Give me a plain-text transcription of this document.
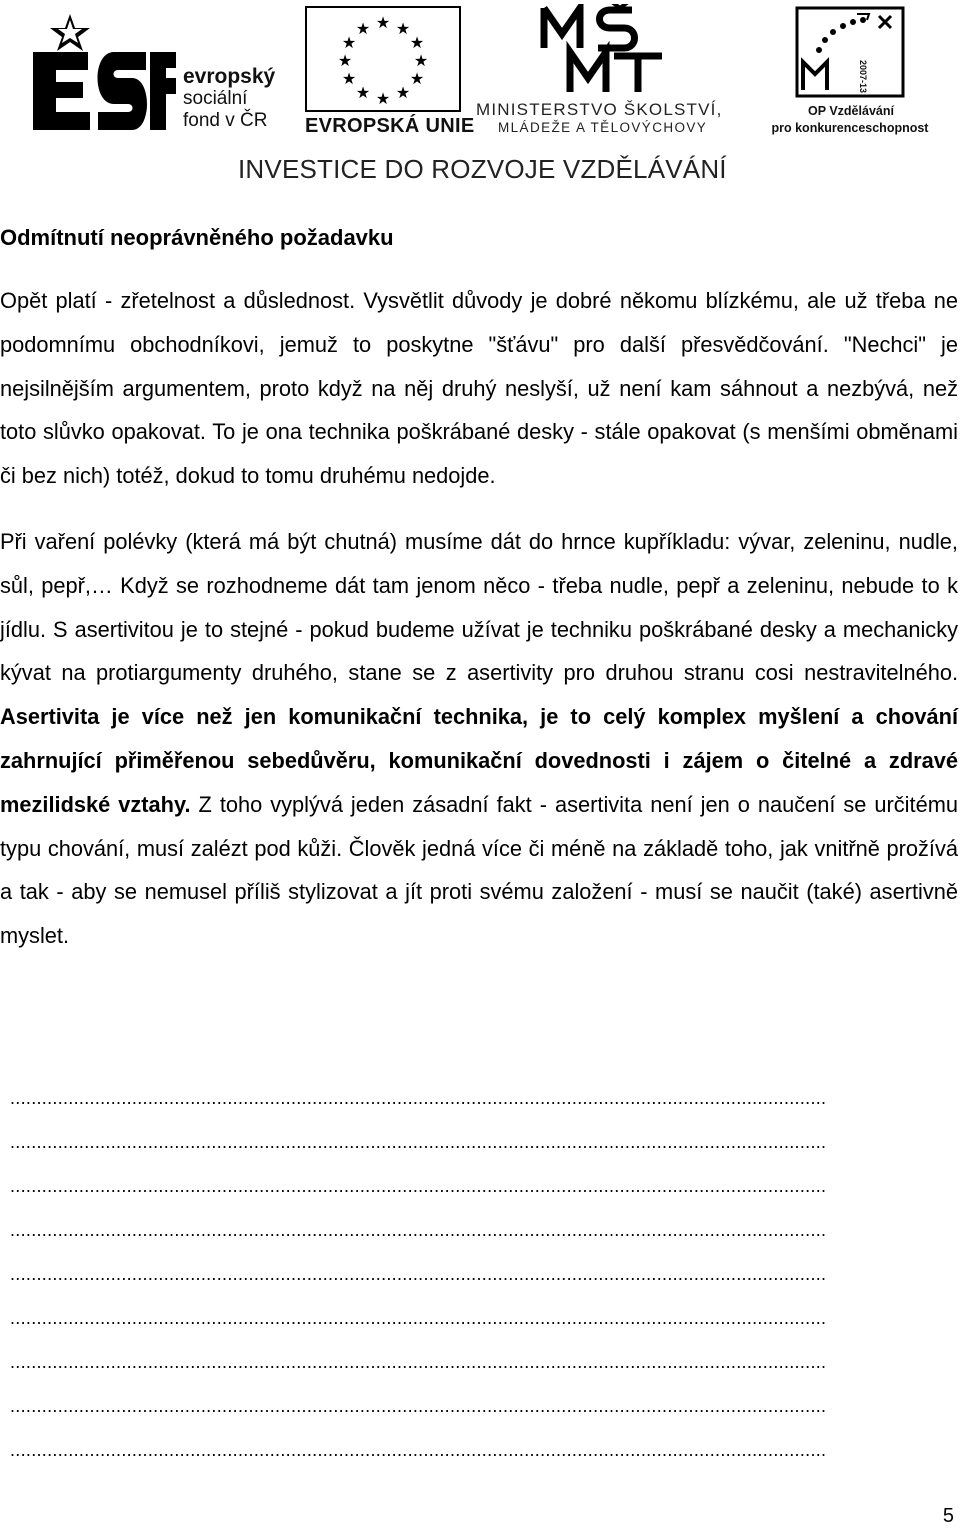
evropský
sociální
fond v ČR
★ ★
★
★
★
★
★
★
★
★
★
★
EVROPSKÁ UNIE
MINISTERSTVO ŠKOLSTVÍ,
MLÁDEŽE A TĚLOVÝCHOVY
2007-13
OP Vzdělávání
pro konkurenceschopnost
INVESTICE DO ROZVOJE VZDĚLÁVÁNÍ
Odmítnutí neoprávněného požadavku

Opět platí - zřetelnost a důslednost. Vysvětlit důvody je dobré někomu blízkému, ale už třeba ne podomnímu obchodníkovi, jemuž to poskytne "šťávu" pro další přesvědčování. "Nechci" je nejsilnějším argumentem, proto když na něj druhý neslyší, už není kam sáhnout a nezbývá, než toto slůvko opakovat. To je ona technika poškrábané desky - stále opakovat (s menšími obměnami či bez nich) totéž, dokud to tomu druhému nedojde.

Při vaření polévky (která má být chutná) musíme dát do hrnce kupříkladu: vývar, zeleninu, nudle, sůl, pepř,… Když se rozhodneme dát tam jenom něco - třeba nudle, pepř a zeleninu, nebude to k jídlu. S asertivitou je to stejné - pokud budeme užívat je techniku poškrábané desky a mechanicky kývat na protiargumenty druhého, stane se z asertivity pro druhou stranu cosi nestravitelného. Asertivita je více než jen komunikační technika, je to celý komplex myšlení a chování zahrnující přiměřenou sebedůvěru, komunikační dovednosti i zájem o čitelné a zdravé mezilidské vztahy. Z toho vyplývá jeden zásadní fakt - asertivita není jen o naučení se určitému typu chování, musí zalézt pod kůži. Člověk jedná více či méně na základě toho, jak vnitřně prožívá a tak - aby se nemusel příliš stylizovat a jít proti svému založení - musí se naučit (také) asertivně myslet.

..........................................................................................................................................................
..........................................................................................................................................................
..........................................................................................................................................................
..........................................................................................................................................................
..........................................................................................................................................................
..........................................................................................................................................................
..........................................................................................................................................................
..........................................................................................................................................................
..........................................................................................................................................................
5
